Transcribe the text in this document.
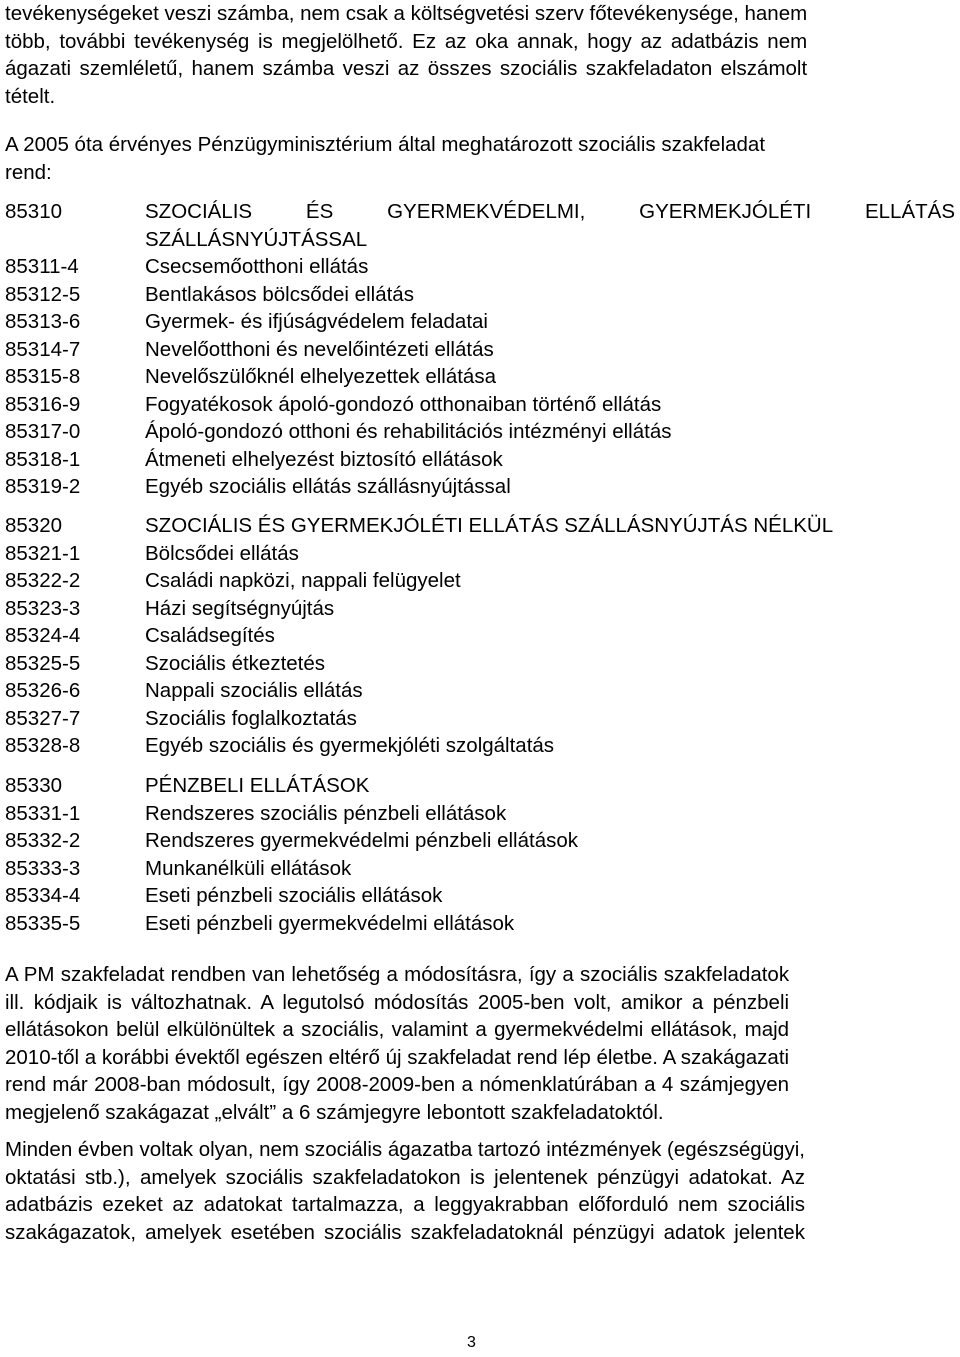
tevékenységeket veszi számba, nem csak a költségvetési szerv főtevékenysége, hanem
több, további tevékenység is megjelölhető. Ez az oka annak, hogy az adatbázis nem
ágazati szemléletű, hanem számba veszi az összes szociális szakfeladaton elszámolt
tételt.

A 2005 óta érvényes Pénzügyminisztérium által meghatározott szociális szakfeladat
rend:

85310	SZOCIÁLIS ÉS GYERMEKVÉDELMI, GYERMEKJÓLÉTI ELLÁTÁS
SZÁLLÁSNYÚJTÁSSAL
85311-4	Csecsemőotthoni ellátás
85312-5	Bentlakásos bölcsődei ellátás
85313-6	Gyermek- és ifjúságvédelem feladatai
85314-7	Nevelőotthoni és nevelőintézeti ellátás
85315-8	Nevelőszülőknél elhelyezettek ellátása
85316-9	Fogyatékosok ápoló-gondozó otthonaiban történő ellátás
85317-0	Ápoló-gondozó otthoni és rehabilitációs intézményi ellátás
85318-1	Átmeneti elhelyezést biztosító ellátások
85319-2	Egyéb szociális ellátás szállásnyújtással
85320	SZOCIÁLIS ÉS GYERMEKJÓLÉTI ELLÁTÁS SZÁLLÁSNYÚJTÁS NÉLKÜL
85321-1	Bölcsődei ellátás
85322-2	Családi napközi, nappali felügyelet
85323-3	Házi segítségnyújtás
85324-4	Családsegítés
85325-5	Szociális étkeztetés
85326-6	Nappali szociális ellátás
85327-7	Szociális foglalkoztatás
85328-8	Egyéb szociális és gyermekjóléti szolgáltatás
85330	PÉNZBELI ELLÁTÁSOK
85331-1	Rendszeres szociális pénzbeli ellátások
85332-2	Rendszeres gyermekvédelmi pénzbeli ellátások
85333-3	Munkanélküli ellátások
85334-4	Eseti pénzbeli szociális ellátások
85335-5	Eseti pénzbeli gyermekvédelmi ellátások

A PM szakfeladat rendben van lehetőség a módosításra, így a szociális szakfeladatok
ill. kódjaik is változhatnak. A legutolsó módosítás 2005-ben volt, amikor a pénzbeli
ellátásokon belül elkülönültek a szociális, valamint a gyermekvédelmi ellátások, majd
2010-től a korábbi évektől egészen eltérő új szakfeladat rend lép életbe. A szakágazati
rend már 2008-ban módosult, így 2008-2009-ben a nómenklatúrában a 4 számjegyen
megjelenő szakágazat „elvált” a 6 számjegyre lebontott szakfeladatoktól.

Minden évben voltak olyan, nem szociális ágazatba tartozó intézmények (egészségügyi,
oktatási stb.), amelyek szociális szakfeladatokon is jelentenek pénzügyi adatokat. Az
adatbázis ezeket az adatokat tartalmazza, a leggyakrabban előforduló nem szociális
szakágazatok, amelyek esetében szociális szakfeladatoknál pénzügyi adatok jelentek

3
